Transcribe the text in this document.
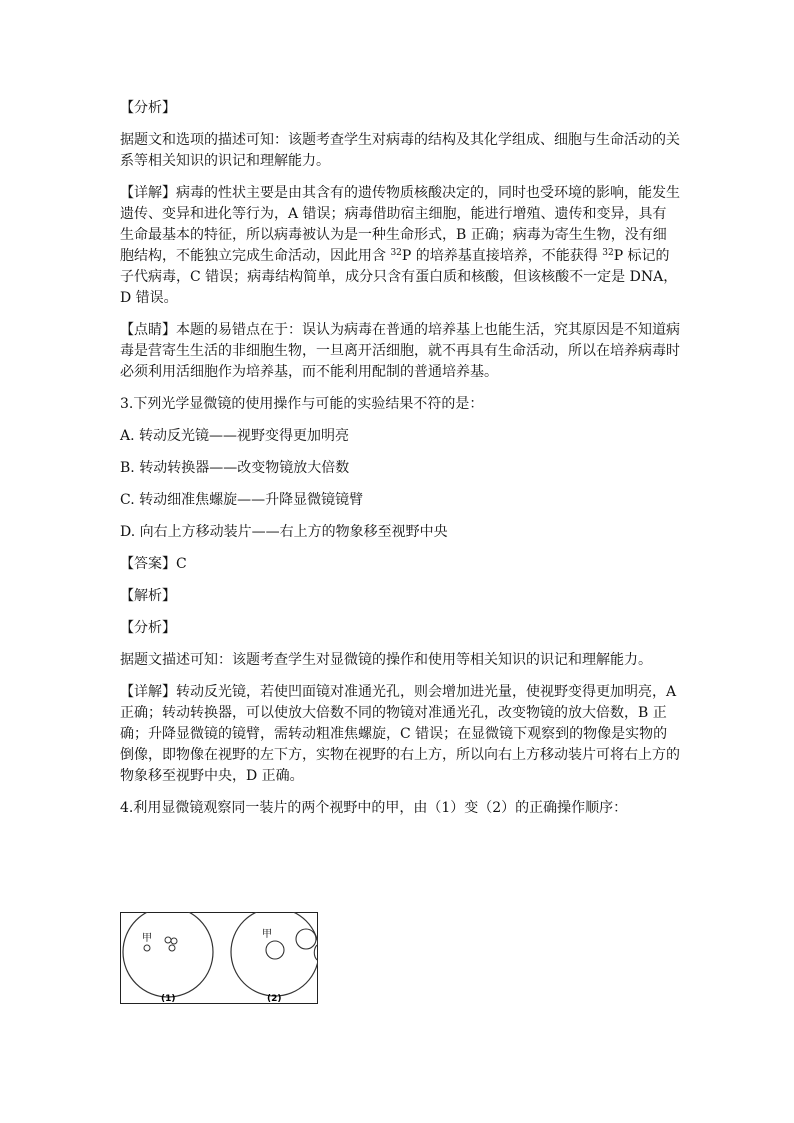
【分析】

据题文和选项的描述可知：该题考查学生对病毒的结构及其化学组成、细胞与生命活动的关系等相关知识的识记和理解能力。

【详解】病毒的性状主要是由其含有的遗传物质核酸决定的，同时也受环境的影响，能发生遗传、变异和进化等行为，A 错误；病毒借助宿主细胞，能进行增殖、遗传和变异，具有生命最基本的特征，所以病毒被认为是一种生命形式，B 正确；病毒为寄生生物，没有细胞结构，不能独立完成生命活动，因此用含 $^{32}$P 的培养基直接培养，不能获得 $^{32}$P 标记的子代病毒，C 错误；病毒结构简单，成分只含有蛋白质和核酸，但该核酸不一定是 DNA，D 错误。

【点睛】本题的易错点在于：误认为病毒在普通的培养基上也能生活，究其原因是不知道病毒是营寄生生活的非细胞生物，一旦离开活细胞，就不再具有生命活动，所以在培养病毒时必须利用活细胞作为培养基，而不能利用配制的普通培养基。

3.下列光学显微镜的使用操作与可能的实验结果不符的是：

A. 转动反光镜——视野变得更加明亮

B. 转动转换器——改变物镜放大倍数

C. 转动细准焦螺旋——升降显微镜镜臂

D. 向右上方移动装片——右上方的物象移至视野中央

【答案】C

【解析】

【分析】

据题文描述可知：该题考查学生对显微镜的操作和使用等相关知识的识记和理解能力。

【详解】转动反光镜，若使凹面镜对准通光孔，则会增加进光量，使视野变得更加明亮，A 正确；转动转换器，可以使放大倍数不同的物镜对准通光孔，改变物镜的放大倍数，B 正确；升降显微镜的镜臂，需转动粗准焦螺旋，C 错误；在显微镜下观察到的物像是实物的倒像，即物像在视野的左下方，实物在视野的右上方，所以向右上方移动装片可将右上方的物象移至视野中央，D 正确。

4.利用显微镜观察同一装片的两个视野中的甲，由（1）变（2）的正确操作顺序：

甲	甲
(1)	(2)
